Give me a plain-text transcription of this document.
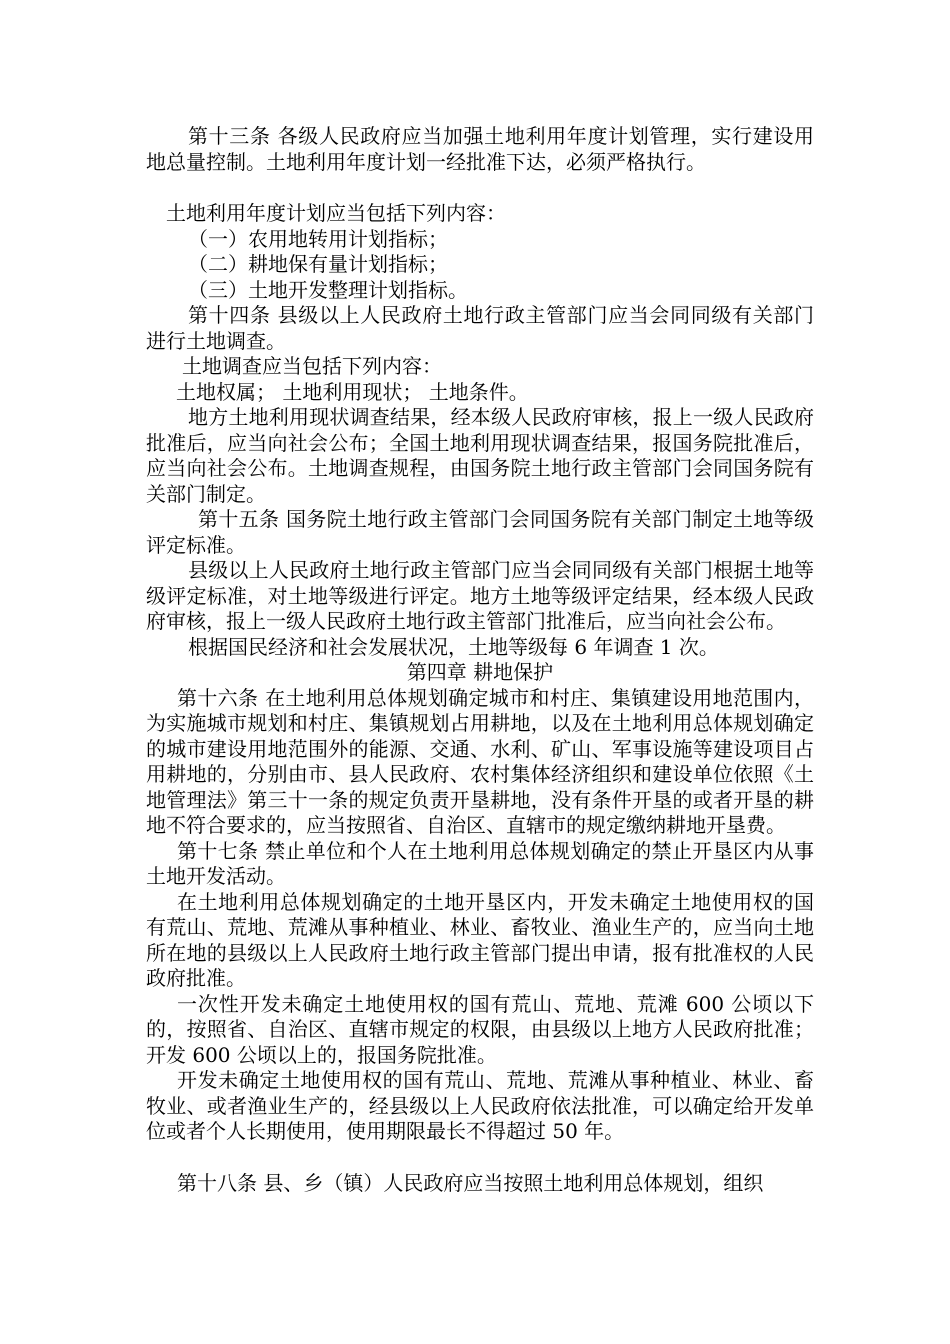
第十三条 各级人民政府应当加强土地利用年度计划管理，实行建设用地总量控制。土地利用年度计划一经批准下达，必须严格执行。

土地利用年度计划应当包括下列内容：

（一）农用地转用计划指标；

（二）耕地保有量计划指标；

（三）土地开发整理计划指标。

第十四条 县级以上人民政府土地行政主管部门应当会同同级有关部门进行土地调查。

土地调查应当包括下列内容：

土地权属； 土地利用现状； 土地条件。

地方土地利用现状调查结果，经本级人民政府审核，报上一级人民政府批准后，应当向社会公布；全国土地利用现状调查结果，报国务院批准后，应当向社会公布。土地调查规程，由国务院土地行政主管部门会同国务院有关部门制定。

第十五条 国务院土地行政主管部门会同国务院有关部门制定土地等级评定标准。

县级以上人民政府土地行政主管部门应当会同同级有关部门根据土地等级评定标准，对土地等级进行评定。地方土地等级评定结果，经本级人民政府审核，报上一级人民政府土地行政主管部门批准后，应当向社会公布。

根据国民经济和社会发展状况，土地等级每 6 年调查 1 次。

第四章 耕地保护

第十六条 在土地利用总体规划确定城市和村庄、集镇建设用地范围内，为实施城市规划和村庄、集镇规划占用耕地，以及在土地利用总体规划确定的城市建设用地范围外的能源、交通、水利、矿山、军事设施等建设项目占用耕地的，分别由市、县人民政府、农村集体经济组织和建设单位依照《土地管理法》第三十一条的规定负责开垦耕地，没有条件开垦的或者开垦的耕地不符合要求的，应当按照省、自治区、直辖市的规定缴纳耕地开垦费。

第十七条 禁止单位和个人在土地利用总体规划确定的禁止开垦区内从事土地开发活动。

在土地利用总体规划确定的土地开垦区内，开发未确定土地使用权的国有荒山、荒地、荒滩从事种植业、林业、畜牧业、渔业生产的，应当向土地所在地的县级以上人民政府土地行政主管部门提出申请，报有批准权的人民政府批准。

一次性开发未确定土地使用权的国有荒山、荒地、荒滩 600 公顷以下的，按照省、自治区、直辖市规定的权限，由县级以上地方人民政府批准；开发 600 公顷以上的，报国务院批准。

开发未确定土地使用权的国有荒山、荒地、荒滩从事种植业、林业、畜牧业、或者渔业生产的，经县级以上人民政府依法批准，可以确定给开发单位或者个人长期使用，使用期限最长不得超过 50 年。

第十八条 县、乡（镇）人民政府应当按照土地利用总体规划，组织
